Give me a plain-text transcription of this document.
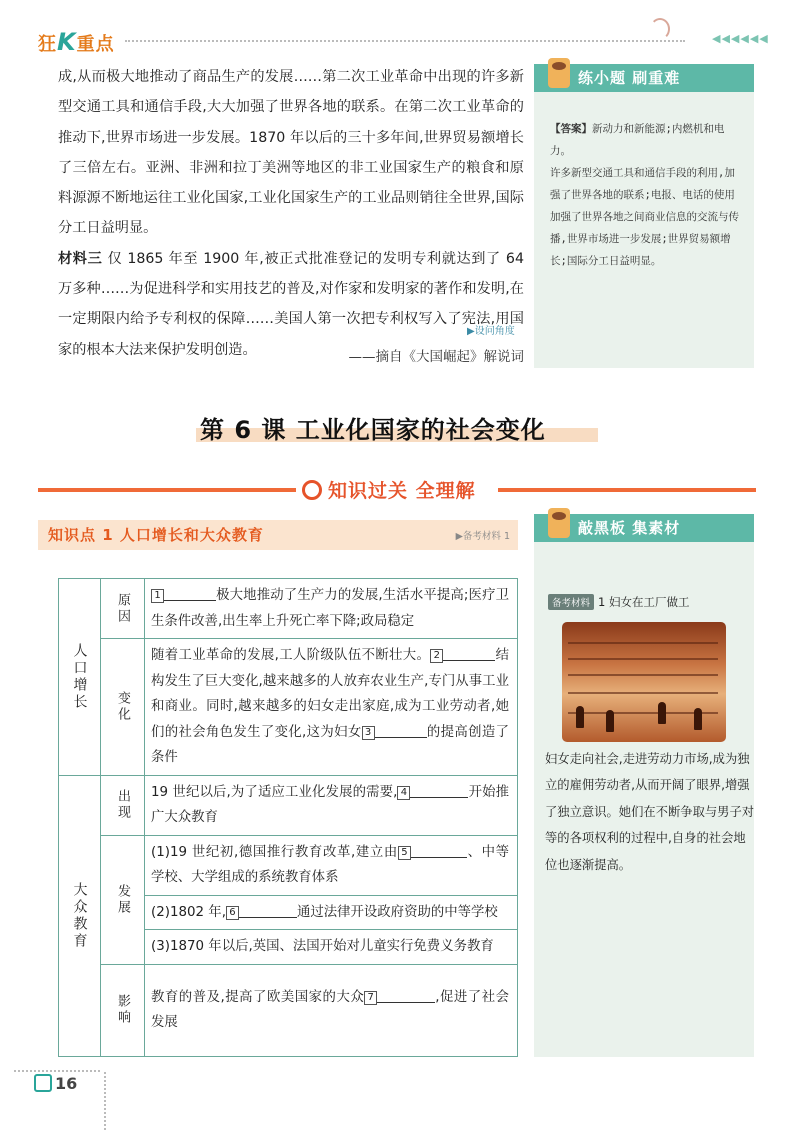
狂K重点	◀◀◀◀◀◀

成,从而极大地推动了商品生产的发展……第二次工业革命中出现的许多新型交通工具和通信手段,大大加强了世界各地的联系。在第二次工业革命的推动下,世界市场进一步发展。1870 年以后的三十多年间,世界贸易额增长了三倍左右。亚洲、非洲和拉丁美洲等地区的非工业国家生产的粮食和原料源源不断地运往工业化国家,工业化国家生产的工业品则销往全世界,国际分工日益明显。

材料三 仅 1865 年至 1900 年,被正式批准登记的发明专利就达到了 64 万多种……为促进科学和实用技艺的普及,对作家和发明家的著作和发明,在一定期限内给予专利权的保障……美国人第一次把专利权写入了宪法,用国家的根本大法来保护发明创造。

▶设问角度
——摘自《大国崛起》解说词
练小题 刷重难

【答案】新动力和新能源;内燃机和电力。

许多新型交通工具和通信手段的利用,加强了世界各地的联系;电报、电话的使用加强了世界各地之间商业信息的交流与传播,世界市场进一步发展;世界贸易额增长;国际分工日益明显。

第 6 课 工业化国家的社会变化
知识过关 全理解
知识点 1 人口增长和大众教育	▶备考材料 1
人口增长	原因	1 极大地推动了生产力的发展,生活水平提高;医疗卫生条件改善,出生率上升死亡率下降;政局稳定

	变化	随着工业革命的发展,工人阶级队伍不断壮大。 2 结构发生了巨大变化,越来越多的人放弃农业生产,专门从事工业和商业。同时,越来越多的妇女走出家庭,成为工业劳动者,她们的社会角色发生了变化,这为妇女 3 的提高创造了条件

大众教育	出现	19 世纪以后,为了适应工业化发展的需要, 4 开始推广大众教育

	发展	(1)19 世纪初,德国推行教育改革,建立由 5 、中等学校、大学组成的系统教育体系
		(2)1802 年, 6 通过法律开设政府资助的中等学校
		(3)1870 年以后,英国、法国开始对儿童实行免费义务教育

	影响	教育的普及,提高了欧美国家的大众 7 ,促进了社会发展
敲黑板 集素材
备考材料 1 妇女在工厂做工
妇女走向社会,走进劳动力市场,成为独立的雇佣劳动者,从而开阔了眼界,增强了独立意识。她们在不断争取与男子对等的各项权利的过程中,自身的社会地位也逐渐提高。
16
